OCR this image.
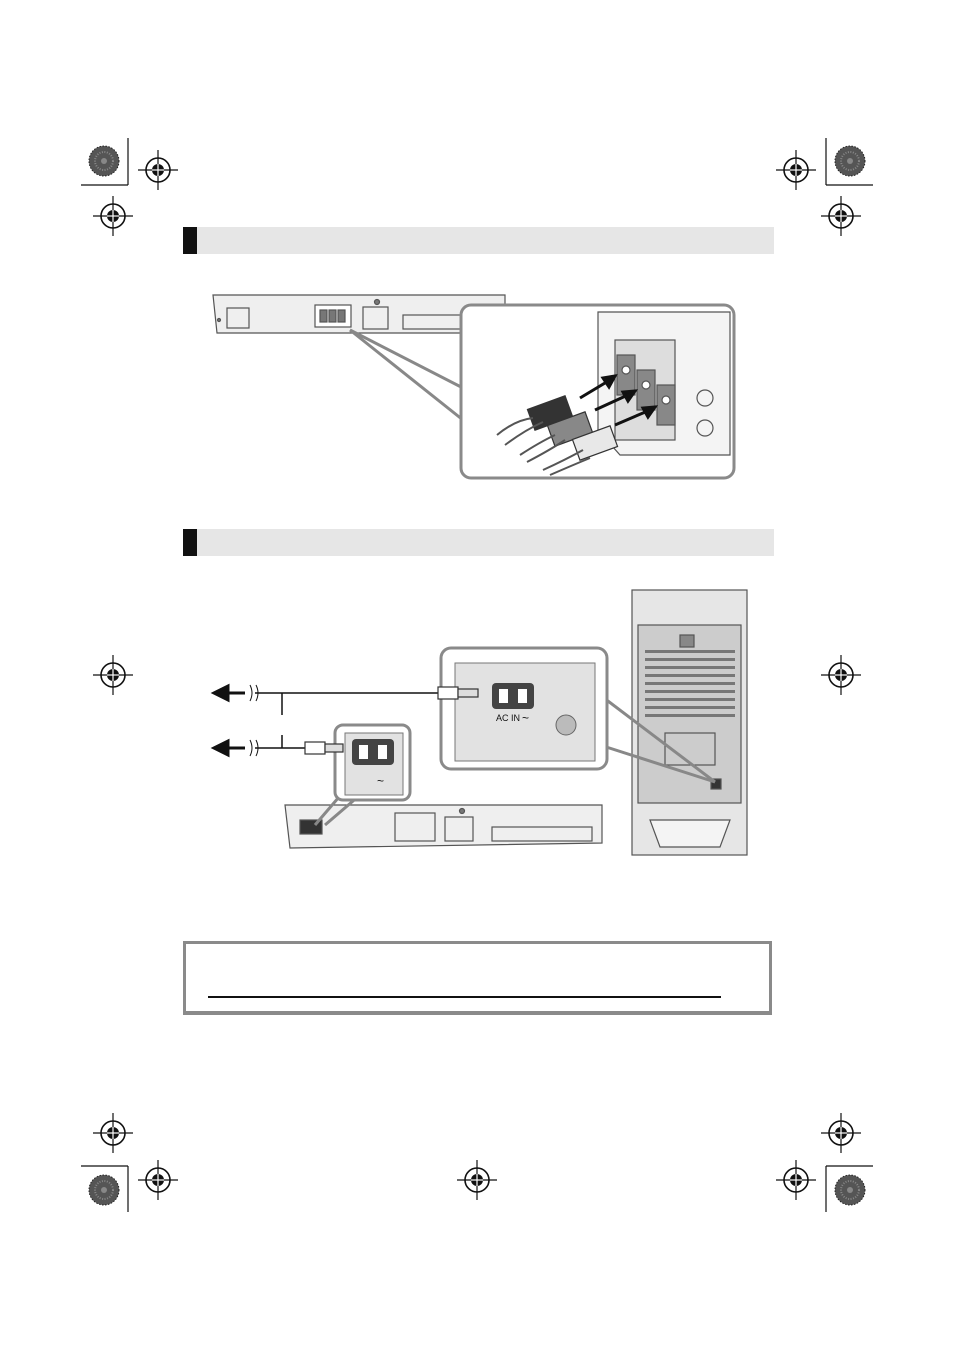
AC IN ~
~
